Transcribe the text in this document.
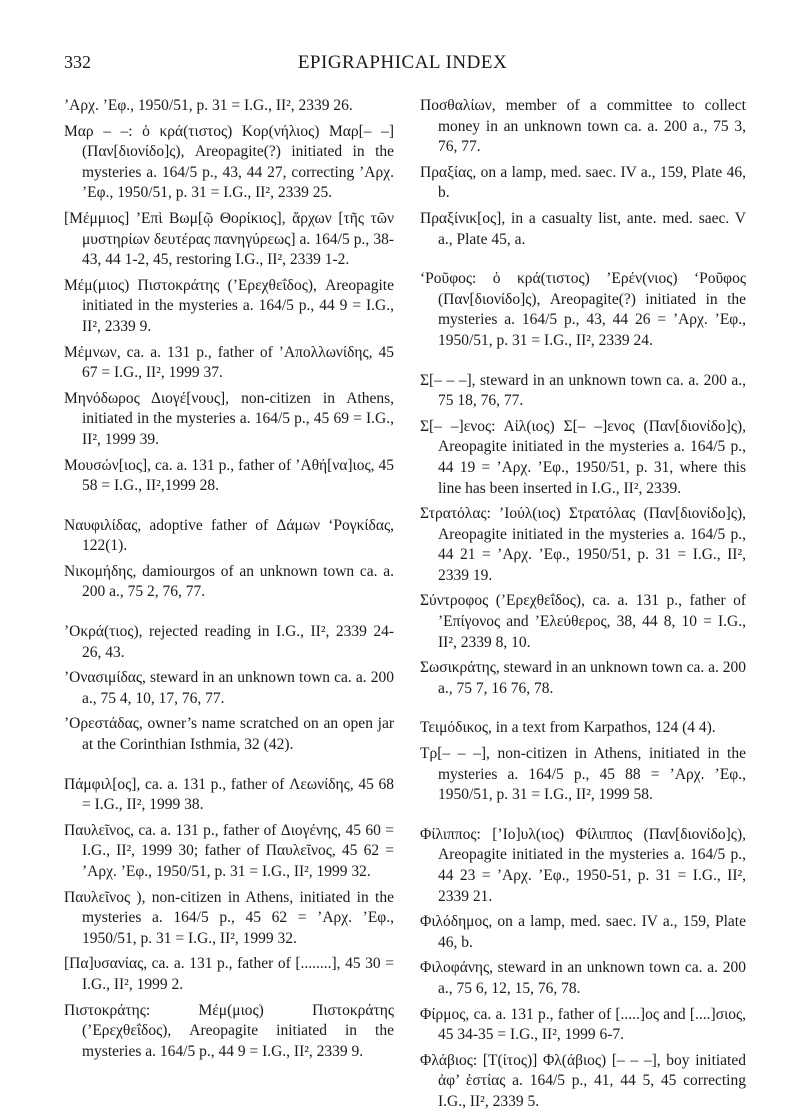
332	EPIGRAPHICAL INDEX
’Αρχ. ’Εφ., 1950/51, p. 31 = I.G., II², 2339 26.
Μαρ – –: ὁ κρά(τιστος) Κορ(νήλιος) Μαρ[– –] (Παν[διονίδο]ς), Areopagite(?) initiated in the mysteries a. 164/5 p., 43, 44 27, correcting ’Αρχ. ’Εφ., 1950/51, p. 31 = I.G., II², 2339 25.
[Μέμμιος] ’Επὶ Βωμ[ῷ Θορίκιος], ἄρχων [τῆς τῶν μυστηρίων δευτέρας πανηγύρεως] a. 164/5 p., 38-43, 44 1-2, 45, restoring I.G., II², 2339 1-2.
Μέμ(μιος) Πιστοκράτης (’Ερεχθεΐδος), Areopagite initiated in the mysteries a. 164/5 p., 44 9 = I.G., II², 2339 9.
Μέμνων, ca. a. 131 p., father of ’Απολλωνίδης, 45 67 = I.G., II², 1999 37.
Μηνόδωρος Διογέ[νους], non-citizen in Athens, initiated in the mysteries a. 164/5 p., 45 69 = I.G., II², 1999 39.
Μουσών[ιος], ca. a. 131 p., father of ’Αθή[να]ιος, 45 58 = I.G., II²,1999 28.
Ναυφιλίδας, adoptive father of Δάμων ‘Ρογκίδας, 122(1).
Νικομήδης, damiourgos of an unknown town ca. a. 200 a., 75 2, 76, 77.
’Οκρά(τιος), rejected reading in I.G., II², 2339 24-26, 43.
’Ονασιμίδας, steward in an unknown town ca. a. 200 a., 75 4, 10, 17, 76, 77.
’Ορεστάδας, owner’s name scratched on an open jar at the Corinthian Isthmia, 32 (42).
Πάμφιλ[ος], ca. a. 131 p., father of Λεωνίδης, 45 68 = I.G., II², 1999 38.
Παυλεῖνος, ca. a. 131 p., father of Διογένης, 45 60 = I.G., II², 1999 30; father of Παυλεῖνος, 45 62 = ’Αρχ. ’Εφ., 1950/51, p. 31 = I.G., II², 1999 32.
Παυλεῖνος ), non-citizen in Athens, initiated in the mysteries a. 164/5 p., 45 62 = ’Αρχ. ’Εφ., 1950/51, p. 31 = I.G., II², 1999 32.
[Πα]υσανίας, ca. a. 131 p., father of [........], 45 30 = I.G., II², 1999 2.
Πιστοκράτης: Μέμ(μιος) Πιστοκράτης (’Ερεχθεΐδος), Areopagite initiated in the mysteries a. 164/5 p., 44 9 = I.G., II², 2339 9.
Ποσθαλίων, member of a committee to collect money in an unknown town ca. a. 200 a., 75 3, 76, 77.
Πραξίας, on a lamp, med. saec. IV a., 159, Plate 46, b.
Πραξίνικ[ος], in a casualty list, ante. med. saec. V a., Plate 45, a.
‘Ροῦφος: ὁ κρά(τιστος) ’Ερέν(νιος) ‘Ροῦφος (Παν[διονίδο]ς), Areopagite(?) initiated in the mysteries a. 164/5 p., 43, 44 26 = ’Αρχ. ’Εφ., 1950/51, p. 31 = I.G., II², 2339 24.
Σ[– – –], steward in an unknown town ca. a. 200 a., 75 18, 76, 77.
Σ[– –]ενος: Αἰλ(ιος) Σ[– –]ενος (Παν[διονίδο]ς), Areopagite initiated in the mysteries a. 164/5 p., 44 19 = ’Αρχ. ’Εφ., 1950/51, p. 31, where this line has been inserted in I.G., II², 2339.
Στρατόλας: ’Ιούλ(ιος) Στρατόλας (Παν[διονίδο]ς), Areopagite initiated in the mysteries a. 164/5 p., 44 21 = ’Αρχ. ’Εφ., 1950/51, p. 31 = I.G., II², 2339 19.
Σύντροφος (’Ερεχθεΐδος), ca. a. 131 p., father of ’Επίγονος and ’Ελεύθερος, 38, 44 8, 10 = I.G., II², 2339 8, 10.
Σωσικράτης, steward in an unknown town ca. a. 200 a., 75 7, 16 76, 78.
Τειμόδικος, in a text from Karpathos, 124 (4 4).
Τρ[– – –], non-citizen in Athens, initiated in the mysteries a. 164/5 p., 45 88 = ’Αρχ. ’Εφ., 1950/51, p. 31 = I.G., II², 1999 58.
Φίλιππος: [’Ιο]υλ(ιος) Φίλιππος (Παν[διονίδο]ς), Areopagite initiated in the mysteries a. 164/5 p., 44 23 = ’Αρχ. ’Εφ., 1950-51, p. 31 = I.G., II², 2339 21.
Φιλόδημος, on a lamp, med. saec. IV a., 159, Plate 46, b.
Φιλοφάνης, steward in an unknown town ca. a. 200 a., 75 6, 12, 15, 76, 78.
Φίρμος, ca. a. 131 p., father of [.....]ος and [....]σιος, 45 34-35 = I.G., II², 1999 6-7.
Φλάβιος: [Τ(ίτος)] Φλ(άβιος) [– – –], boy initiated ἀφ’ ἑστίας a. 164/5 p., 41, 44 5, 45 correcting I.G., II², 2339 5.
